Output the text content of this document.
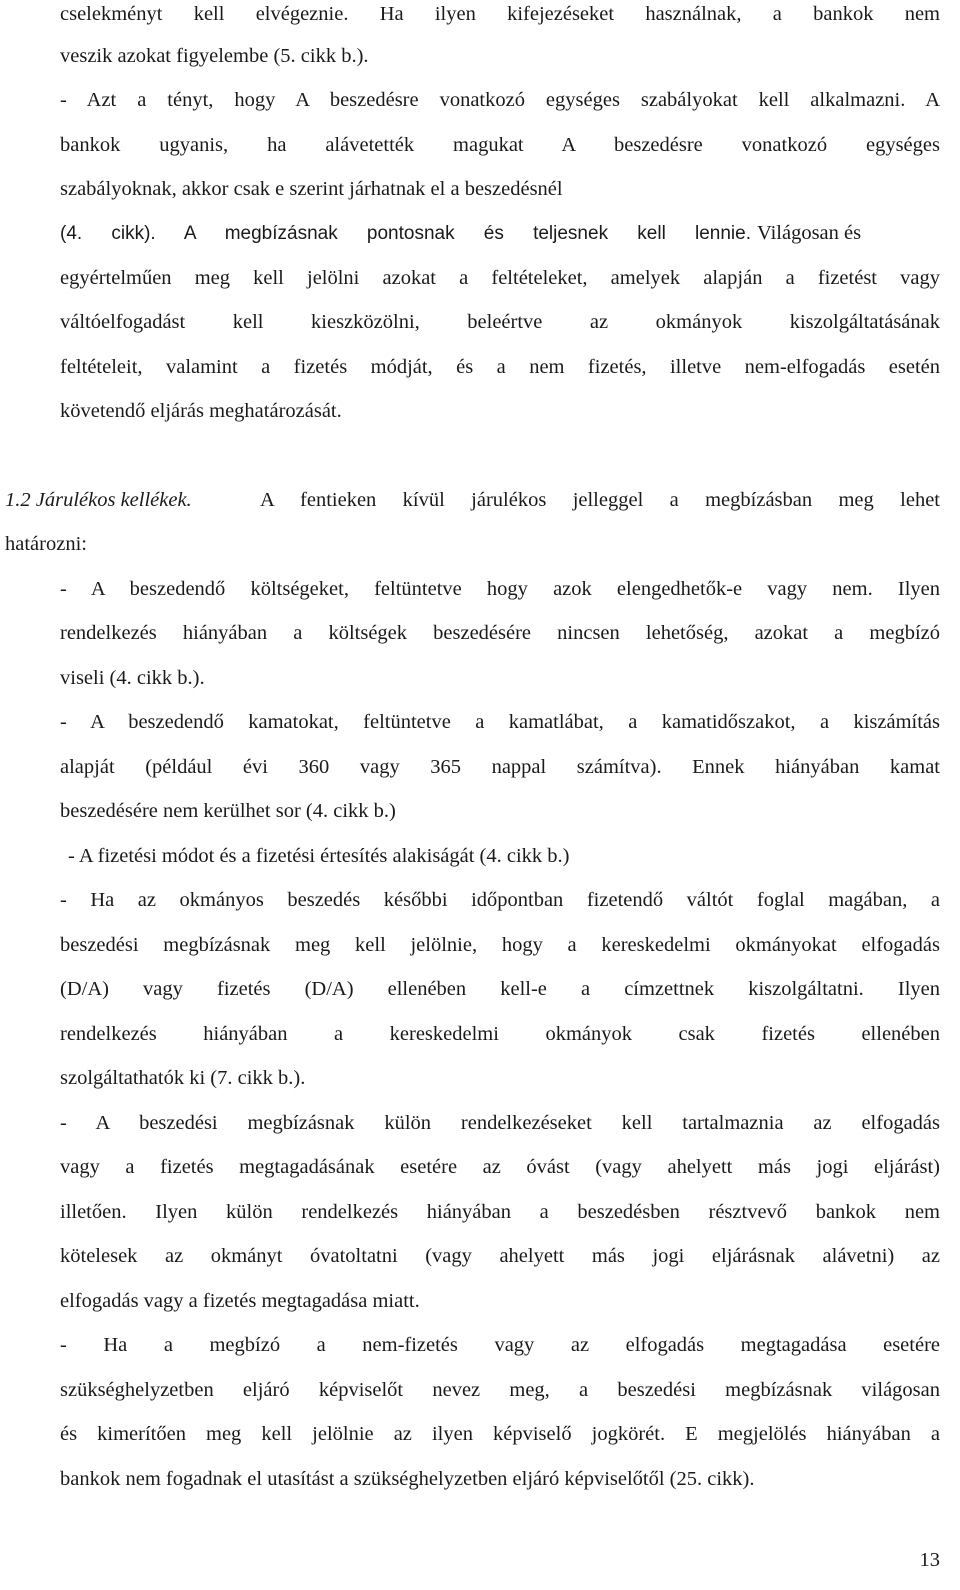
cselekményt kell elvégeznie. Ha ilyen kifejezéseket használnak, a bankok nem
veszik azokat figyelembe (5. cikk b.).
- Azt a tényt, hogy A beszedésre vonatkozó egységes szabályokat kell alkalmazni. A
bankok ugyanis, ha alávetették magukat A beszedésre vonatkozó egységes
szabályoknak, akkor csak e szerint járhatnak el a beszedésnél
(4. cikk). A megbízásnak pontosnak és teljesnek kell lennie. Világosan és
egyértelműen meg kell jelölni azokat a feltételeket, amelyek alapján a fizetést vagy
váltóelfogadást kell kieszközölni, beleértve az okmányok kiszolgáltatásának
feltételeit, valamint a fizetés módját, és a nem fizetés, illetve nem-elfogadás esetén
követendő eljárás meghatározását.
1.2 Járulékos kellékek.	A fentieken kívül járulékos jelleggel a megbízásban meg lehet
határozni:
- A beszedendő költségeket, feltüntetve hogy azok elengedhetők-e vagy nem. Ilyen
rendelkezés hiányában a költségek beszedésére nincsen lehetőség, azokat a megbízó
viseli (4. cikk b.).
- A beszedendő kamatokat, feltüntetve a kamatlábat, a kamatidőszakot, a kiszámítás
alapját (például évi 360 vagy 365 nappal számítva). Ennek hiányában kamat
beszedésére nem kerülhet sor (4. cikk b.)
- A fizetési módot és a fizetési értesítés alakiságát (4. cikk b.)
- Ha az okmányos beszedés későbbi időpontban fizetendő váltót foglal magában, a
beszedési megbízásnak meg kell jelölnie, hogy a kereskedelmi okmányokat elfogadás
(D/A) vagy fizetés (D/A) ellenében kell-e a címzettnek kiszolgáltatni. Ilyen
rendelkezés hiányában a kereskedelmi okmányok csak fizetés ellenében
szolgáltathatók ki (7. cikk b.).
- A beszedési megbízásnak külön rendelkezéseket kell tartalmaznia az elfogadás
vagy a fizetés megtagadásának esetére az óvást (vagy ahelyett más jogi eljárást)
illetően. Ilyen külön rendelkezés hiányában a beszedésben résztvevő bankok nem
kötelesek az okmányt óvatoltatni (vagy ahelyett más jogi eljárásnak alávetni) az
elfogadás vagy a fizetés megtagadása miatt.
- Ha a megbízó a nem-fizetés vagy az elfogadás megtagadása esetére
szükséghelyzetben eljáró képviselőt nevez meg, a beszedési megbízásnak világosan
és kimerítően meg kell jelölnie az ilyen képviselő jogkörét. E megjelölés hiányában a
bankok nem fogadnak el utasítást a szükséghelyzetben eljáró képviselőtől (25. cikk).
13
